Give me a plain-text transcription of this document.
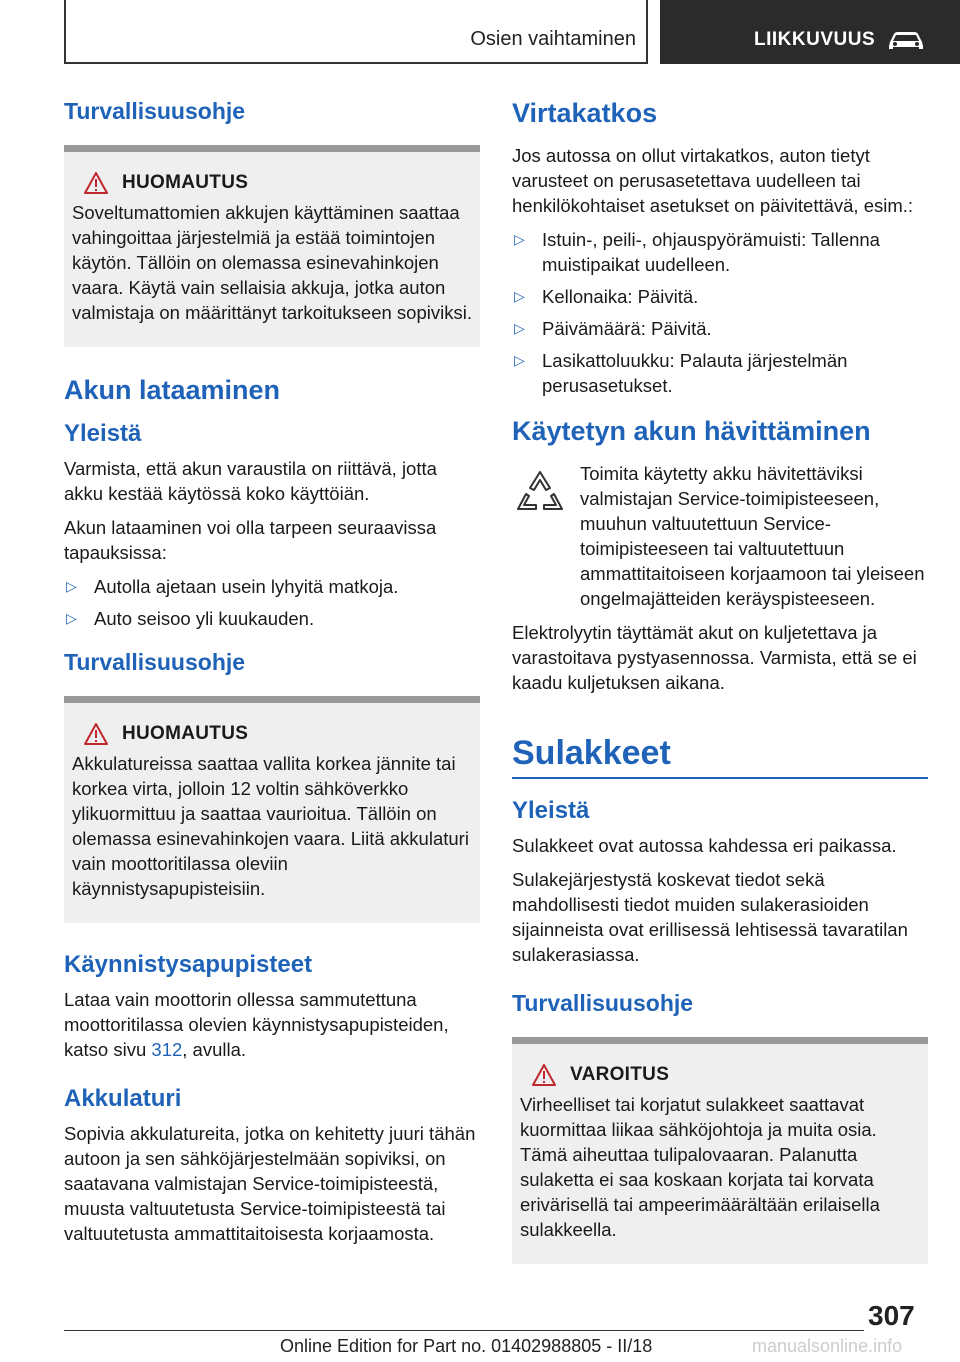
Osien vaihtaminen	LIIKKUVUUS
Turvallisuusohje
HUOMAUTUS

Soveltumattomien akkujen käyttäminen saattaa vahingoittaa järjestelmiä ja estää toimintojen käytön. Tällöin on olemassa esinevahinkojen vaara. Käytä vain sellaisia akkuja, jotka auton valmistaja on määrittänyt tarkoitukseen sopiviksi.

Akun lataaminen
Yleistä

Varmista, että akun varaustila on riittävä, jotta akku kestää käytössä koko käyttöiän.

Akun lataaminen voi olla tarpeen seuraavissa tapauksissa:

▷ Autolla ajetaan usein lyhyitä matkoja.
▷ Auto seisoo yli kuukauden.
Turvallisuusohje
HUOMAUTUS

Akkulatureissa saattaa vallita korkea jännite tai korkea virta, jolloin 12 voltin sähköverkko ylikuormittuu ja saattaa vaurioitua. Tällöin on olemassa esinevahinkojen vaara. Liitä akkulaturi vain moottoritilassa oleviin käynnistysapupisteisiin.

Käynnistysapupisteet

Lataa vain moottorin ollessa sammutettuna moottoritilassa olevien käynnistysapupisteiden, katso sivu 312, avulla.

Akkulaturi

Sopivia akkulatureita, jotka on kehitetty juuri tähän autoon ja sen sähköjärjestelmään sopiviksi, on saatavana valmistajan Service-toimipisteestä, muusta valtuutetusta Service-toimipisteestä tai valtuutetusta ammattitaitoisesta korjaamosta.

Virtakatkos

Jos autossa on ollut virtakatkos, auton tietyt varusteet on perusasetettava uudelleen tai henkilökohtaiset asetukset on päivitettävä, esim.:

▷ Istuin-, peili-, ohjauspyörämuisti: Tallenna muistipaikat uudelleen.
▷ Kellonaika: Päivitä.
▷ Päivämäärä: Päivitä.
▷ Lasikattoluukku: Palauta järjestelmän perusasetukset.
Käytetyn akun hävittäminen

Toimita käytetty akku hävitettäviksi valmistajan Service-toimipisteeseen, muuhun valtuutettuun Service-toimipisteeseen tai valtuutettuun ammattitaitoiseen korjaamoon tai yleiseen ongelmajätteiden keräyspisteeseen.

Elektrolyytin täyttämät akut on kuljetettava ja varastoitava pystyasennossa. Varmista, että se ei kaadu kuljetuksen aikana.

Sulakkeet
Yleistä

Sulakkeet ovat autossa kahdessa eri paikassa.

Sulakejärjestystä koskevat tiedot sekä mahdollisesti tiedot muiden sulakerasioiden sijainneista ovat erillisessä lehtisessä tavaratilan sulakerasiassa.

Turvallisuusohje
VAROITUS

Virheelliset tai korjatut sulakkeet saattavat kuormittaa liikaa sähköjohtoja ja muita osia. Tämä aiheuttaa tulipalovaaran. Palanutta sulaketta ei saa koskaan korjata tai korvata erivärisellä tai ampeerimäärältään erilaisella sulakkeella.

307
Online Edition for Part no. 01402988805 - II/18	manualsonline.info
